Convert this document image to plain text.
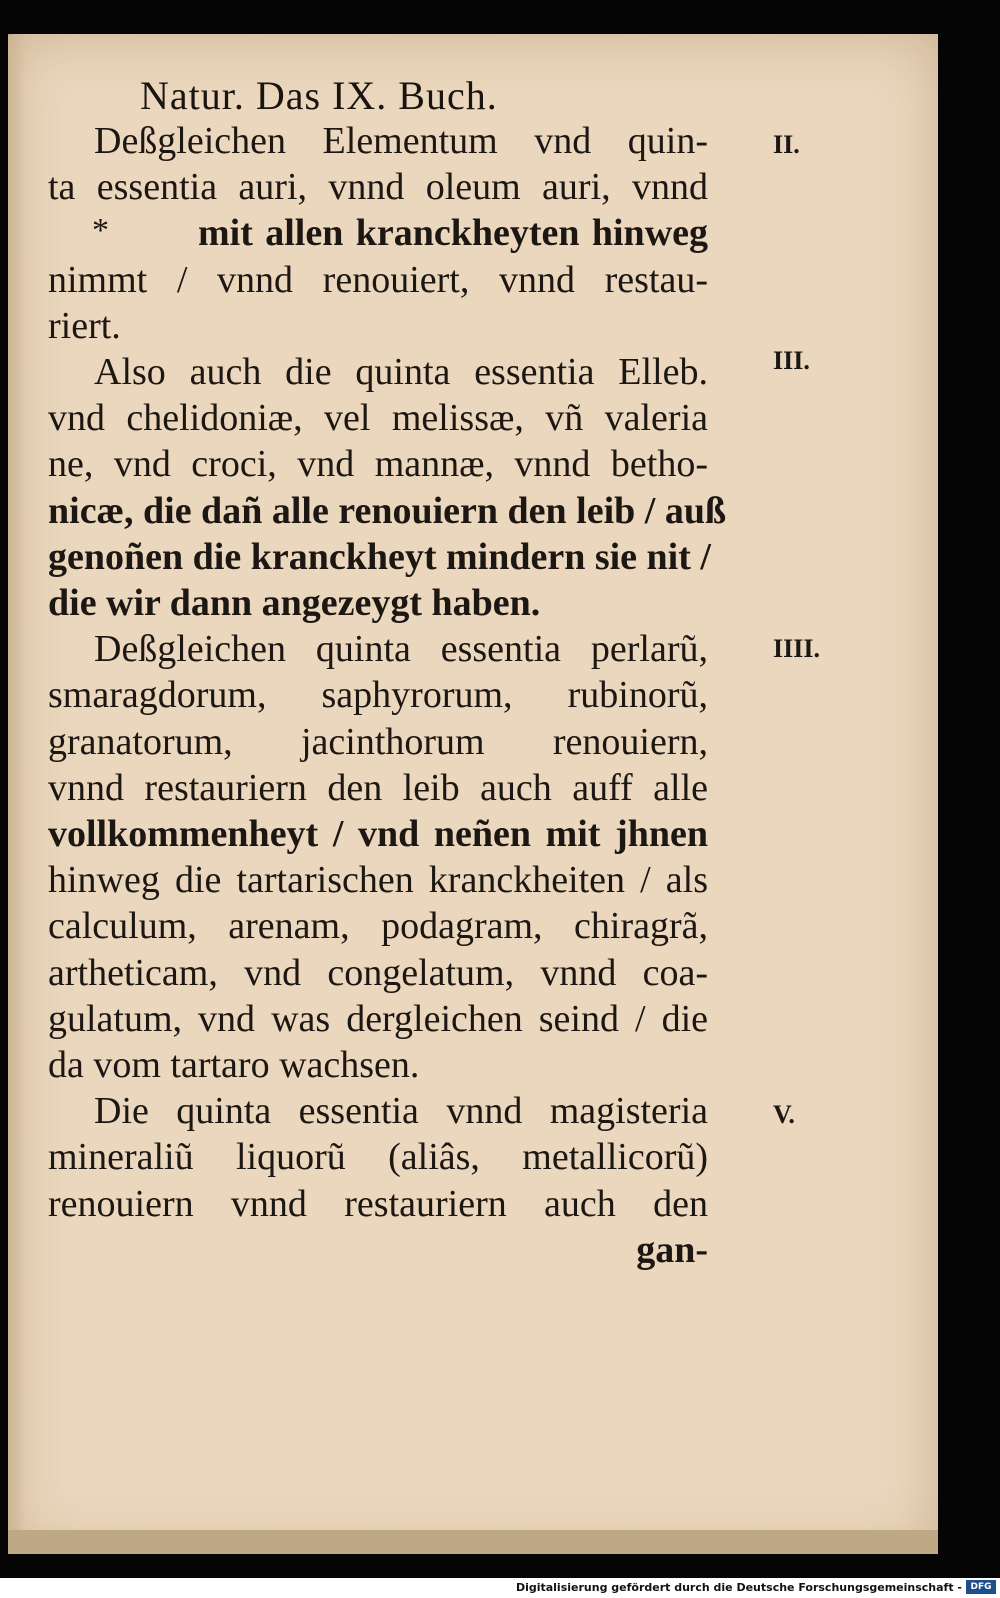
Natur. Das IX. Buch.
II.
III.
IIII.
V.
*
Deßgleichen Elementum vnd quin-
ta essentia auri, vnnd oleum auri, vnnd
mit allen kranckheyten hinweg
nimmt / vnnd renouiert, vnnd restau-
riert.
Also auch die quinta essentia Elleb.
vnd chelidoniæ, vel melissæ, vñ valeria
ne, vnd croci, vnd mannæ, vnnd betho-
nicæ, die dañ alle renouiern den leib / auß
genoñen die kranckheyt mindern sie nit /
die wir dann angezeygt haben.
Deßgleichen quinta essentia perlarũ,
smaragdorum, saphyrorum, rubinorũ,
granatorum, jacinthorum renouiern,
vnnd restauriern den leib auch auff alle
vollkommenheyt / vnd neñen mit jhnen
hinweg die tartarischen kranckheiten / als
calculum, arenam, podagram, chiragrã,
artheticam, vnd congelatum, vnnd coa-
gulatum, vnd was dergleichen seind / die
da vom tartaro wachsen.
Die quinta essentia vnnd magisteria
mineraliũ liquorũ (aliâs, metallicorũ)
renouiern vnnd restauriern auch den
gan-
Digitalisierung gefördert durch die Deutsche Forschungsgemeinschaft - DFG
